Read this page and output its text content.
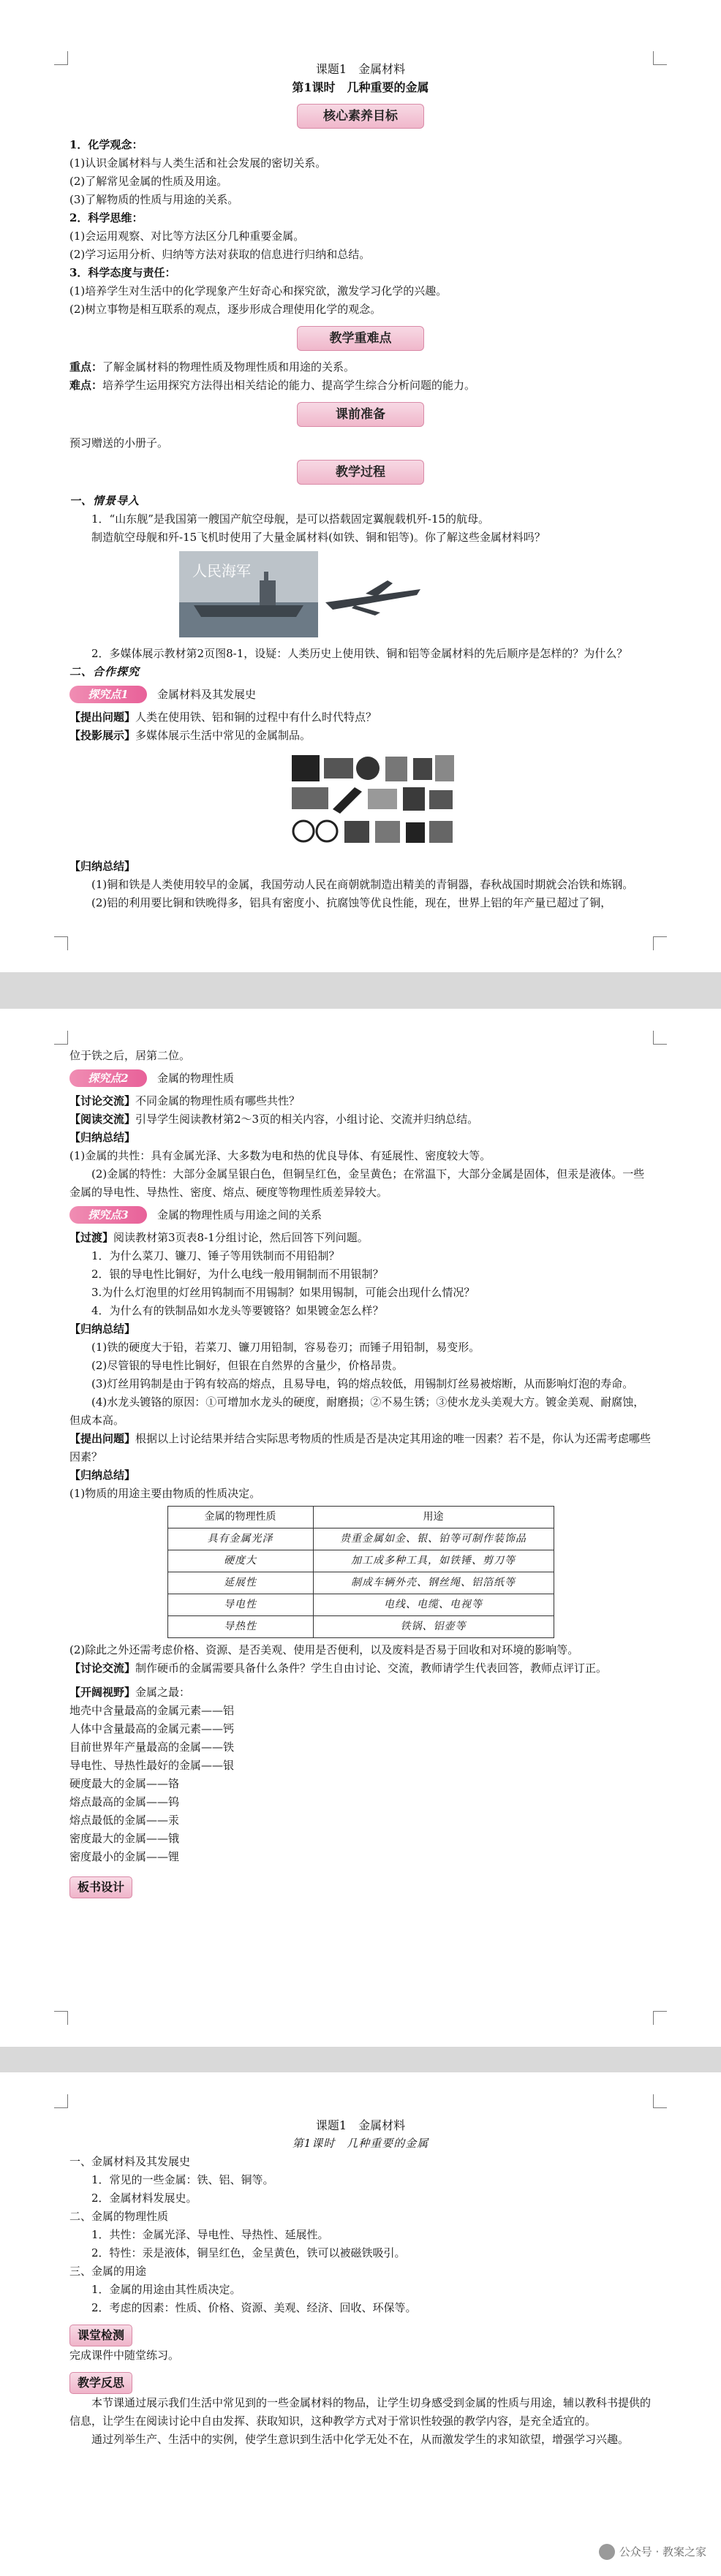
课题1　金属材料

第1课时　几种重要的金属

核心素养目标

1．化学观念：

(1)认识金属材料与人类生活和社会发展的密切关系。

(2)了解常见金属的性质及用途。

(3)了解物质的性质与用途的关系。

2．科学思维：

(1)会运用观察、对比等方法区分几种重要金属。

(2)学习运用分析、归纳等方法对获取的信息进行归纳和总结。

3．科学态度与责任：

(1)培养学生对生活中的化学现象产生好奇心和探究欲，激发学习化学的兴趣。

(2)树立事物是相互联系的观点，逐步形成合理使用化学的观念。

教学重难点

重点：了解金属材料的物理性质及物理性质和用途的关系。

难点：培养学生运用探究方法得出相关结论的能力、提高学生综合分析问题的能力。

课前准备

预习赠送的小册子。

教学过程

一、情景导入

1．“山东舰”是我国第一艘国产航空母舰，是可以搭载固定翼舰载机歼-15的航母。

制造航空母舰和歼-15飞机时使用了大量金属材料(如铁、铜和铝等)。你了解这些金属材料吗？

人民海军

2．多媒体展示教材第2页图8-1，设疑：人类历史上使用铁、铜和铝等金属材料的先后顺序是怎样的？为什么？

二、合作探究

探究点1	金属材料及其发展史

【提出问题】人类在使用铁、铝和铜的过程中有什么时代特点？

【投影展示】多媒体展示生活中常见的金属制品。

【归纳总结】

(1)铜和铁是人类使用较早的金属，我国劳动人民在商朝就制造出精美的青铜器，春秋战国时期就会冶铁和炼钢。

(2)铝的利用要比铜和铁晚得多，铝具有密度小、抗腐蚀等优良性能，现在，世界上铝的年产量已超过了铜，

位于铁之后，居第二位。

探究点2	金属的物理性质

【讨论交流】不同金属的物理性质有哪些共性？

【阅读交流】引导学生阅读教材第2～3页的相关内容，小组讨论、交流并归纳总结。

【归纳总结】

(1)金属的共性：具有金属光泽、大多数为电和热的优良导体、有延展性、密度较大等。

(2)金属的特性：大部分金属呈银白色，但铜呈红色，金呈黄色；在常温下，大部分金属是固体，但汞是液体。一些金属的导电性、导热性、密度、熔点、硬度等物理性质差异较大。

探究点3	金属的物理性质与用途之间的关系

【过渡】阅读教材第3页表8-1分组讨论，然后回答下列问题。

1．为什么菜刀、镰刀、锤子等用铁制而不用铅制？

2．银的导电性比铜好，为什么电线一般用铜制而不用银制？

3.为什么灯泡里的灯丝用钨制而不用锡制？如果用锡制，可能会出现什么情况？

4．为什么有的铁制品如水龙头等要镀铬？如果镀金怎么样？

【归纳总结】

(1)铁的硬度大于铅，若菜刀、镰刀用铅制，容易卷刃；而锤子用铅制，易变形。

(2)尽管银的导电性比铜好，但银在自然界的含量少，价格昂贵。

(3)灯丝用钨制是由于钨有较高的熔点，且易导电，钨的熔点较低，用锡制灯丝易被熔断，从而影响灯泡的寿命。

(4)水龙头镀铬的原因：①可增加水龙头的硬度，耐磨损；②不易生锈；③使水龙头美观大方。镀金美观、耐腐蚀，但成本高。

【提出问题】根据以上讨论结果并结合实际思考物质的性质是否是决定其用途的唯一因素？若不是，你认为还需考虑哪些因素？

【归纳总结】

(1)物质的用途主要由物质的性质决定。

金属的物理性质	用途
具有金属光泽	贵重金属如金、银、铂等可制作装饰品
硬度大	加工成多种工具，如铁锤、剪刀等
延展性	制成车辆外壳、钢丝绳、铝箔纸等
导电性	电线、电缆、电视等
导热性	铁锅、铝壶等

(2)除此之外还需考虑价格、资源、是否美观、使用是否便利，以及废料是否易于回收和对环境的影响等。

【讨论交流】制作硬币的金属需要具备什么条件？学生自由讨论、交流，教师请学生代表回答，教师点评订正。

【开阔视野】金属之最：

地壳中含量最高的金属元素——铝

人体中含量最高的金属元素——钙

目前世界年产量最高的金属——铁

导电性、导热性最好的金属——银

硬度最大的金属——铬

熔点最高的金属——钨

熔点最低的金属——汞

密度最大的金属——锇

密度最小的金属——锂

板书设计

课题1　金属材料

第1课时　几种重要的金属

一、金属材料及其发展史

1．常见的一些金属：铁、铝、铜等。

2．金属材料发展史。

二、金属的物理性质

1．共性：金属光泽、导电性、导热性、延展性。

2．特性：汞是液体，铜呈红色，金呈黄色，铁可以被磁铁吸引。

三、金属的用途

1．金属的用途由其性质决定。

2．考虑的因素：性质、价格、资源、美观、经济、回收、环保等。

课堂检测

完成课件中随堂练习。

教学反思

本节课通过展示我们生活中常见到的一些金属材料的物品，让学生切身感受到金属的性质与用途，辅以教科书提供的信息，让学生在阅读讨论中自由发挥、获取知识，这种教学方式对于常识性较强的教学内容，是充全适宜的。

通过列举生产、生活中的实例，使学生意识到生活中化学无处不在，从而激发学生的求知欲望，增强学习兴趣。

公众号 · 教案之家
